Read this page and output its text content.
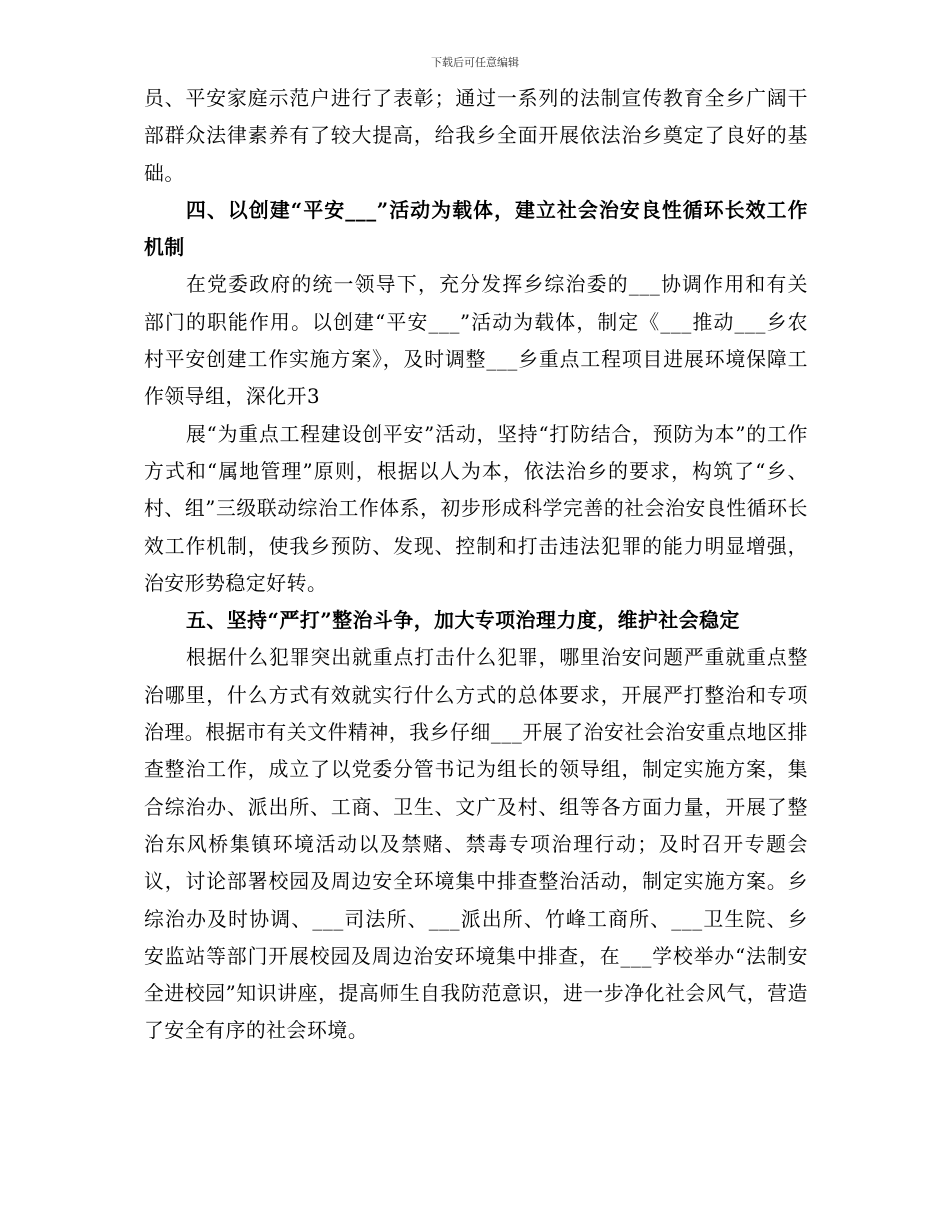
下载后可任意编辑

员、平安家庭示范户进行了表彰；通过一系列的法制宣传教育全乡广阔干部群众法律素养有了较大提高，给我乡全面开展依法治乡奠定了良好的基础。

四、以创建“平安___”活动为载体，建立社会治安良性循环长效工作机制

在党委政府的统一领导下，充分发挥乡综治委的___协调作用和有关部门的职能作用。以创建“平安___”活动为载体，制定《___推动___乡农村平安创建工作实施方案》，及时调整___乡重点工程项目进展环境保障工作领导组，深化开3

展“为重点工程建设创平安”活动，坚持“打防结合，预防为本”的工作方式和“属地管理”原则，根据以人为本，依法治乡的要求，构筑了“乡、村、组”三级联动综治工作体系，初步形成科学完善的社会治安良性循环长效工作机制，使我乡预防、发现、控制和打击违法犯罪的能力明显增强，治安形势稳定好转。

五、坚持“严打”整治斗争，加大专项治理力度，维护社会稳定

根据什么犯罪突出就重点打击什么犯罪，哪里治安问题严重就重点整治哪里，什么方式有效就实行什么方式的总体要求，开展严打整治和专项治理。根据市有关文件精神，我乡仔细___开展了治安社会治安重点地区排查整治工作，成立了以党委分管书记为组长的领导组，制定实施方案，集合综治办、派出所、工商、卫生、文广及村、组等各方面力量，开展了整治东风桥集镇环境活动以及禁赌、禁毒专项治理行动；及时召开专题会议，讨论部署校园及周边安全环境集中排查整治活动，制定实施方案。乡综治办及时协调、___司法所、___派出所、竹峰工商所、___卫生院、乡安监站等部门开展校园及周边治安环境集中排查，在___学校举办“法制安全进校园”知识讲座，提高师生自我防范意识，进一步净化社会风气，营造了安全有序的社会环境。
